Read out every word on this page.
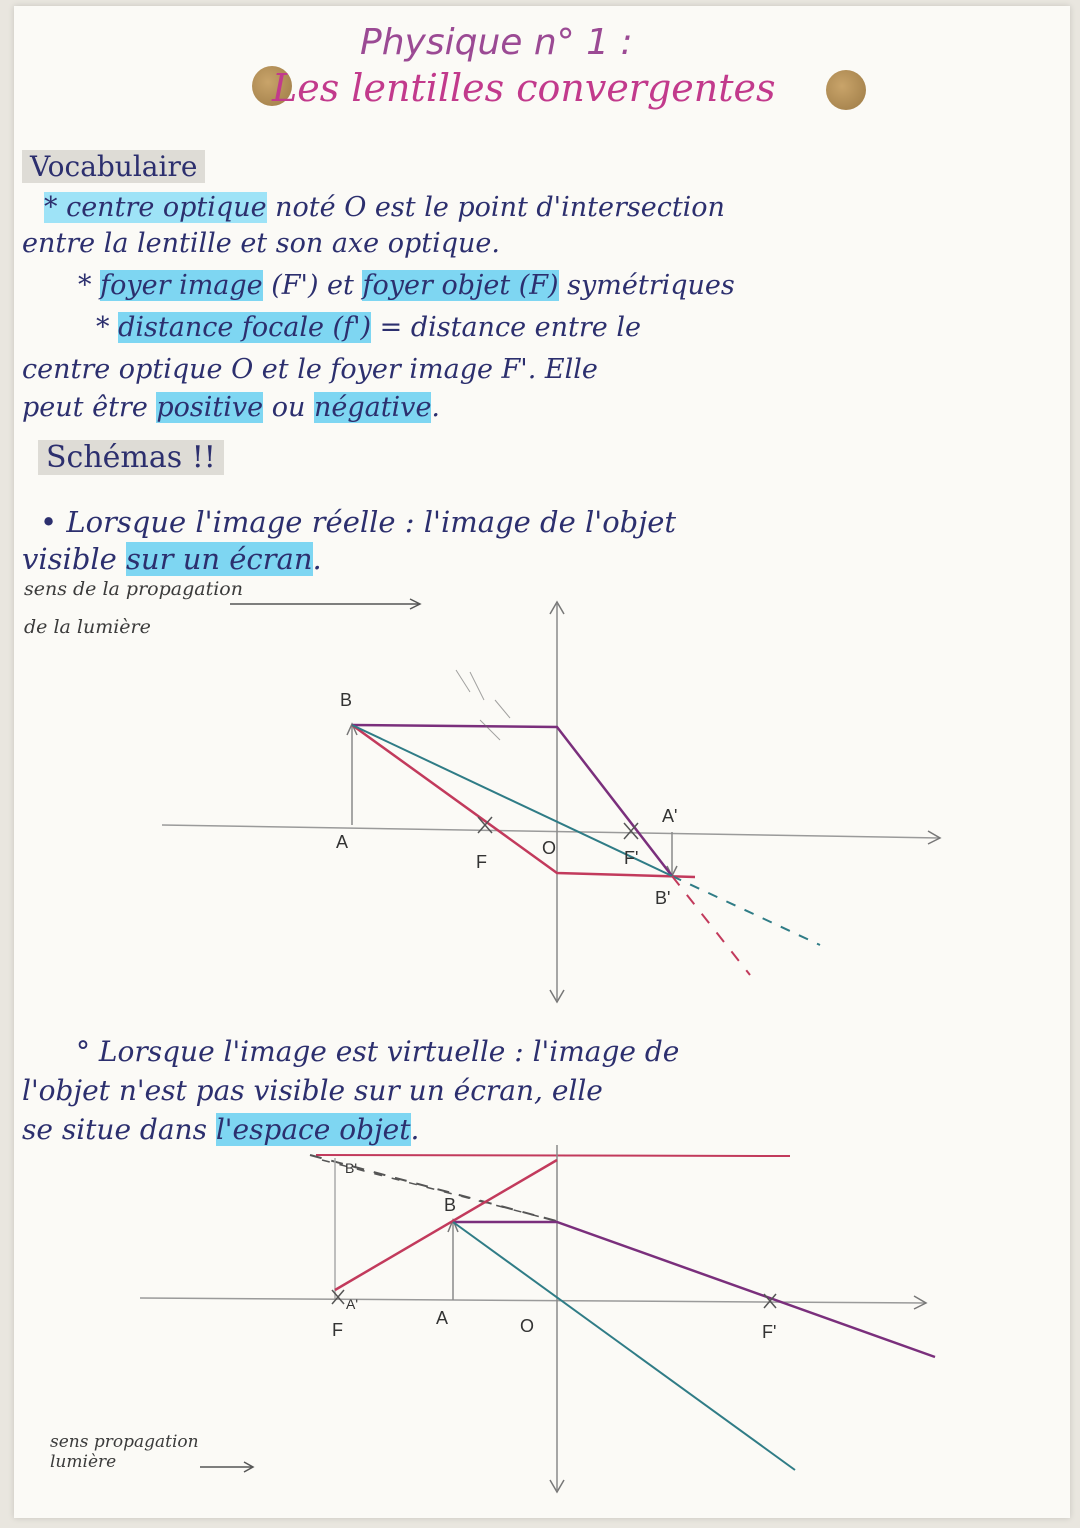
Physique n° 1 :
Les lentilles convergentes
Vocabulaire
* centre optique noté O est le point d'intersection
entre la lentille et son axe optique.
* foyer image (F') et foyer objet (F) symétriques
* distance focale (f') = distance entre le
centre optique O et le foyer image F'. Elle
peut être positive ou négative.
Schémas !!
• Lorsque l'image réelle : l'image de l'objet
visible sur un écran.
sens de la propagation
de la lumière
° Lorsque l'image est virtuelle : l'image de
l'objet n'est pas visible sur un écran, elle
se situe dans l'espace objet.
sens propagation
lumière
B
A
F
O	F'
A'
B'
B'
B
A'
F
A	O	F'
